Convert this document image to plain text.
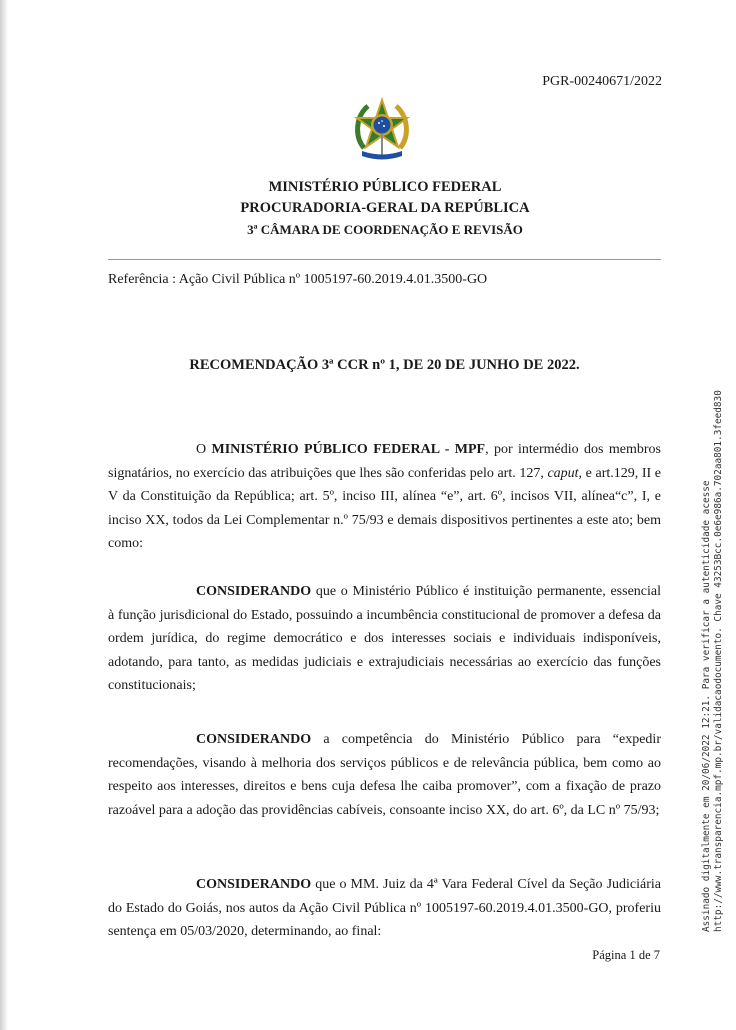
PGR-00240671/2022
MINISTÉRIO PÚBLICO FEDERAL
PROCURADORIA-GERAL DA REPÚBLICA
3ª CÂMARA DE COORDENAÇÃO E REVISÃO
Referência : Ação Civil Pública nº 1005197-60.2019.4.01.3500-GO
RECOMENDAÇÃO 3ª CCR nº 1, DE 20 DE JUNHO DE 2022.
O MINISTÉRIO PÚBLICO FEDERAL - MPF, por intermédio dos membros signatários, no exercício das atribuições que lhes são conferidas pelo art. 127, caput, e art.129, II e V da Constituição da República; art. 5º, inciso III, alínea “e”, art. 6º, incisos VII, alínea“c”, I, e inciso XX, todos da Lei Complementar n.º 75/93 e demais dispositivos pertinentes a este ato; bem como:
CONSIDERANDO que o Ministério Público é instituição permanente, essencial à função jurisdicional do Estado, possuindo a incumbência constitucional de promover a defesa da ordem jurídica, do regime democrático e dos interesses sociais e individuais indisponíveis, adotando, para tanto, as medidas judiciais e extrajudiciais necessárias ao exercício das funções constitucionais;
CONSIDERANDO a competência do Ministério Público para “expedir recomendações, visando à melhoria dos serviços públicos e de relevância pública, bem como ao respeito aos interesses, direitos e bens cuja defesa lhe caiba promover”, com a fixação de prazo razoável para a adoção das providências cabíveis, consoante inciso XX, do art. 6º, da LC nº 75/93;
CONSIDERANDO que o MM. Juiz da 4ª Vara Federal Cível da Seção Judiciária do Estado do Goiás, nos autos da Ação Civil Pública nº 1005197-60.2019.4.01.3500-GO, proferiu sentença em 05/03/2020, determinando, ao final:
Página 1 de 7
Assinado digitalmente em 20/06/2022 12:21. Para verificar a autenticidade acesse http://www.transparencia.mpf.mp.br/validacaodocumento. Chave 43253Bcc.0e6e986a.702aa801.3feed830
